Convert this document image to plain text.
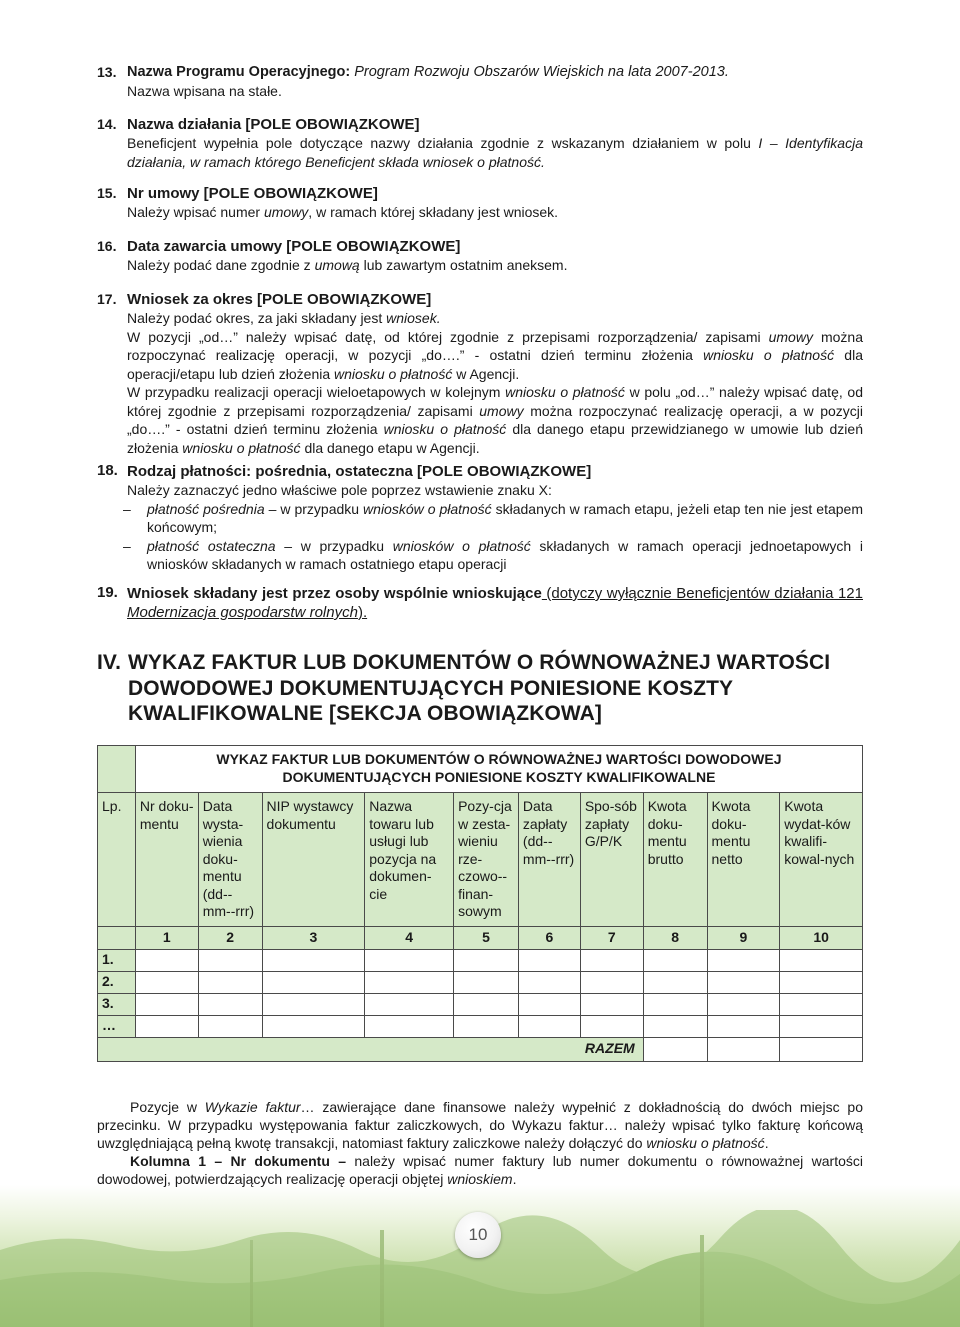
13. Nazwa Programu Operacyjnego: Program Rozwoju Obszarów Wiejskich na lata 2007-2013.
Nazwa wpisana na stałe.
14. Nazwa działania [POLE OBOWIĄZKOWE]

Beneficjent wypełnia pole dotyczące nazwy działania zgodnie z wskazanym działaniem w polu I – Identyfikacja działania, w ramach którego Beneficjent składa wniosek o płatność.

15. Nr umowy [POLE OBOWIĄZKOWE]
Należy wpisać numer umowy, w ramach której składany jest wniosek.
16. Data zawarcia umowy [POLE OBOWIĄZKOWE]
Należy podać dane zgodnie z umową lub zawartym ostatnim aneksem.
17. Wniosek za okres [POLE OBOWIĄZKOWE]

Należy podać okres, za jaki składany jest wniosek.

W pozycji „od…” należy wpisać datę, od której zgodnie z przepisami rozporządzenia/ zapisami umowy można rozpoczynać realizację operacji, w pozycji „do….” - ostatni dzień terminu złożenia wniosku o płatność dla operacji/etapu lub dzień złożenia wniosku o płatność w Agencji.

W przypadku realizacji operacji wieloetapowych w kolejnym wniosku o płatność w polu „od…” należy wpisać datę, od której zgodnie z przepisami rozporządzenia/ zapisami umowy można rozpoczynać realizację operacji, a w pozycji „do….” - ostatni dzień terminu złożenia wniosku o płatność dla danego etapu przewidzianego w umowie lub dzień złożenia wniosku o płatność dla danego etapu w Agencji.

18. Rodzaj płatności: pośrednia, ostateczna [POLE OBOWIĄZKOWE]
Należy zaznaczyć jedno właściwe pole poprzez wstawienie znaku X:
– płatność pośrednia – w przypadku wniosków o płatność składanych w ramach etapu, jeżeli etap ten nie jest etapem końcowym;
– płatność ostateczna – w przypadku wniosków o płatność składanych w ramach operacji jednoetapowych i wniosków składanych w ramach ostatniego etapu operacji
19. Wniosek składany jest przez osoby wspólnie wnioskujące (dotyczy wyłącznie Beneficjentów działania 121 Modernizacja gospodarstw rolnych).
IV. WYKAZ FAKTUR LUB DOKUMENTÓW O RÓWNOWAŻNEJ WARTOŚCI DOWODOWEJ DOKUMENTUJĄCYCH PONIESIONE KOSZTY KWALIFIKOWALNE [SEKCJA OBOWIĄZKOWA]

	WYKAZ FAKTUR LUB DOKUMENTÓW O RÓWNOWAŻNEJ WARTOŚCI DOWODOWEJ
DOKUMENTUJĄCYCH PONIESIONE KOSZTY KWALIFIKOWALNE									

Lp.	Nr doku-mentu	Data wysta-wienia doku-mentu (dd--mm--rrr)	NIP wystawcy dokumentu	Nazwa towaru lub usługi lub pozycja na dokumen-cie	Pozy-cja w zesta-wieniu rze-czowo--finan-sowym	Data zapłaty (dd--mm--rrr)	Spo-sób zapłaty G/P/K	Kwota doku-mentu brutto	Kwota doku-mentu netto	Kwota wydat-ków kwalifi-kowal-nych
	1	2	3	4	5	6	7	8	9	10
1.										
2.										
3.										
…										
RAZEM										

Pozycje w Wykazie faktur… zawierające dane finansowe należy wypełnić z dokładnością do dwóch miejsc po przecinku. W przypadku występowania faktur zaliczkowych, do Wykazu faktur… należy wpisać tylko fakturę końcową uwzględniającą pełną kwotę transakcji, natomiast faktury zaliczkowe należy dołączyć do wniosku o płatność.

Kolumna 1 – Nr dokumentu – należy wpisać numer faktury lub numer dokumentu o równoważnej wartości dowodowej, potwierdzających realizację operacji objętej wnioskiem.

10
